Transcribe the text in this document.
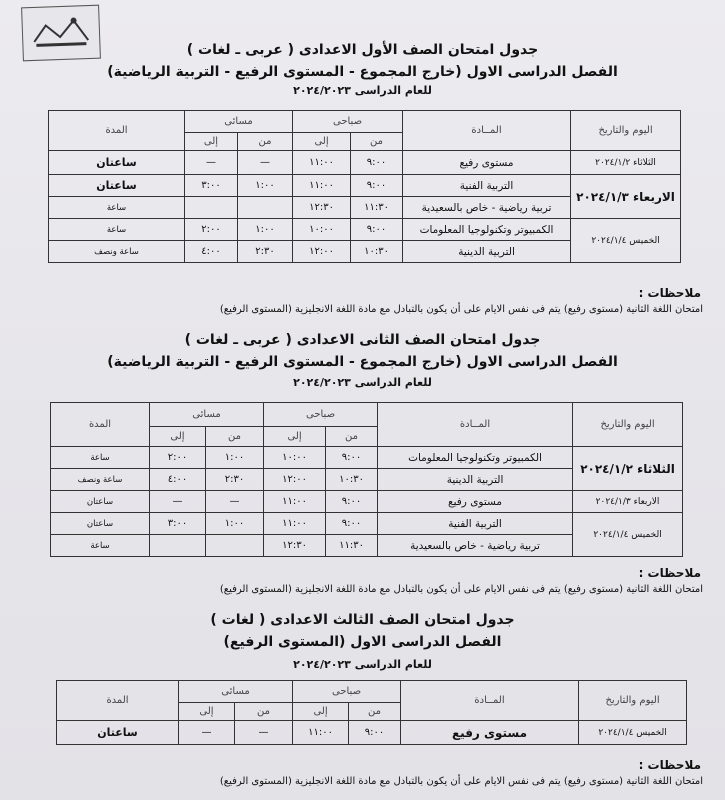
جدول امتحان الصف الأول الاعدادى ( عربى ـ لغات )
الفصل الدراسى الاول (خارج المجموع - المستوى الرفيع - التربية الرياضية)
للعام الدراسى ٢٠٢٤/٢٠٢٣
اليوم والتاريخ	المــادة	صباحى		مسائى		المدة
		من	إلى	من	إلى	
الثلاثاء ٢٠٢٤/١/٢	مستوى رفيع	٩:٠٠	١١:٠٠	—	—	ساعتان
الاربعاء ٢٠٢٤/١/٣	التربية الفنية	٩:٠٠	١١:٠٠	١:٠٠	٣:٠٠	ساعتان
	تربية رياضية - خاص بالسعيدية	١١:٣٠	١٢:٣٠			ساعة
الخميس ٢٠٢٤/١/٤	الكمبيوتر وتكنولوجيا المعلومات	٩:٠٠	١٠:٠٠	١:٠٠	٢:٠٠	ساعة
	التربية الدينية	١٠:٣٠	١٢:٠٠	٢:٣٠	٤:٠٠	ساعة ونصف
ملاحظات :
امتحان اللغة الثانية (مستوى رفيع) يتم فى نفس الايام على أن يكون بالتبادل مع مادة اللغة الانجليزية (المستوى الرفيع)
جدول امتحان الصف الثانى الاعدادى ( عربى ـ لغات )
الفصل الدراسى الاول (خارج المجموع - المستوى الرفيع - التربية الرياضية)
للعام الدراسى ٢٠٢٤/٢٠٢٣
اليوم والتاريخ	المــادة	صباحى		مسائى		المدة
		من	إلى	من	إلى	
الثلاثاء ٢٠٢٤/١/٢	الكمبيوتر وتكنولوجيا المعلومات	٩:٠٠	١٠:٠٠	١:٠٠	٢:٠٠	ساعة
	التربية الدينية	١٠:٣٠	١٢:٠٠	٢:٣٠	٤:٠٠	ساعة ونصف
الاربعاء ٢٠٢٤/١/٣	مستوى رفيع	٩:٠٠	١١:٠٠	—	—	ساعتان
الخميس ٢٠٢٤/١/٤	التربية الفنية	٩:٠٠	١١:٠٠	١:٠٠	٣:٠٠	ساعتان
	تربية رياضية - خاص بالسعيدية	١١:٣٠	١٢:٣٠			ساعة
ملاحظات :
امتحان اللغة الثانية (مستوى رفيع) يتم فى نفس الايام على أن يكون بالتبادل مع مادة اللغة الانجليزية (المستوى الرفيع)
جدول امتحان الصف الثالث الاعدادى ( لغات )
الفصل الدراسى الاول (المستوى الرفيع)
للعام الدراسى ٢٠٢٤/٢٠٢٣
اليوم والتاريخ	المــادة	صباحى		مسائى		المدة
		من	إلى	من	إلى	
الخميس ٢٠٢٤/١/٤	مستوى رفيع	٩:٠٠	١١:٠٠	—	—	ساعتان
ملاحظات :
امتحان اللغة الثانية (مستوى رفيع) يتم فى نفس الايام على أن يكون بالتبادل مع مادة اللغة الانجليزية (المستوى الرفيع)
